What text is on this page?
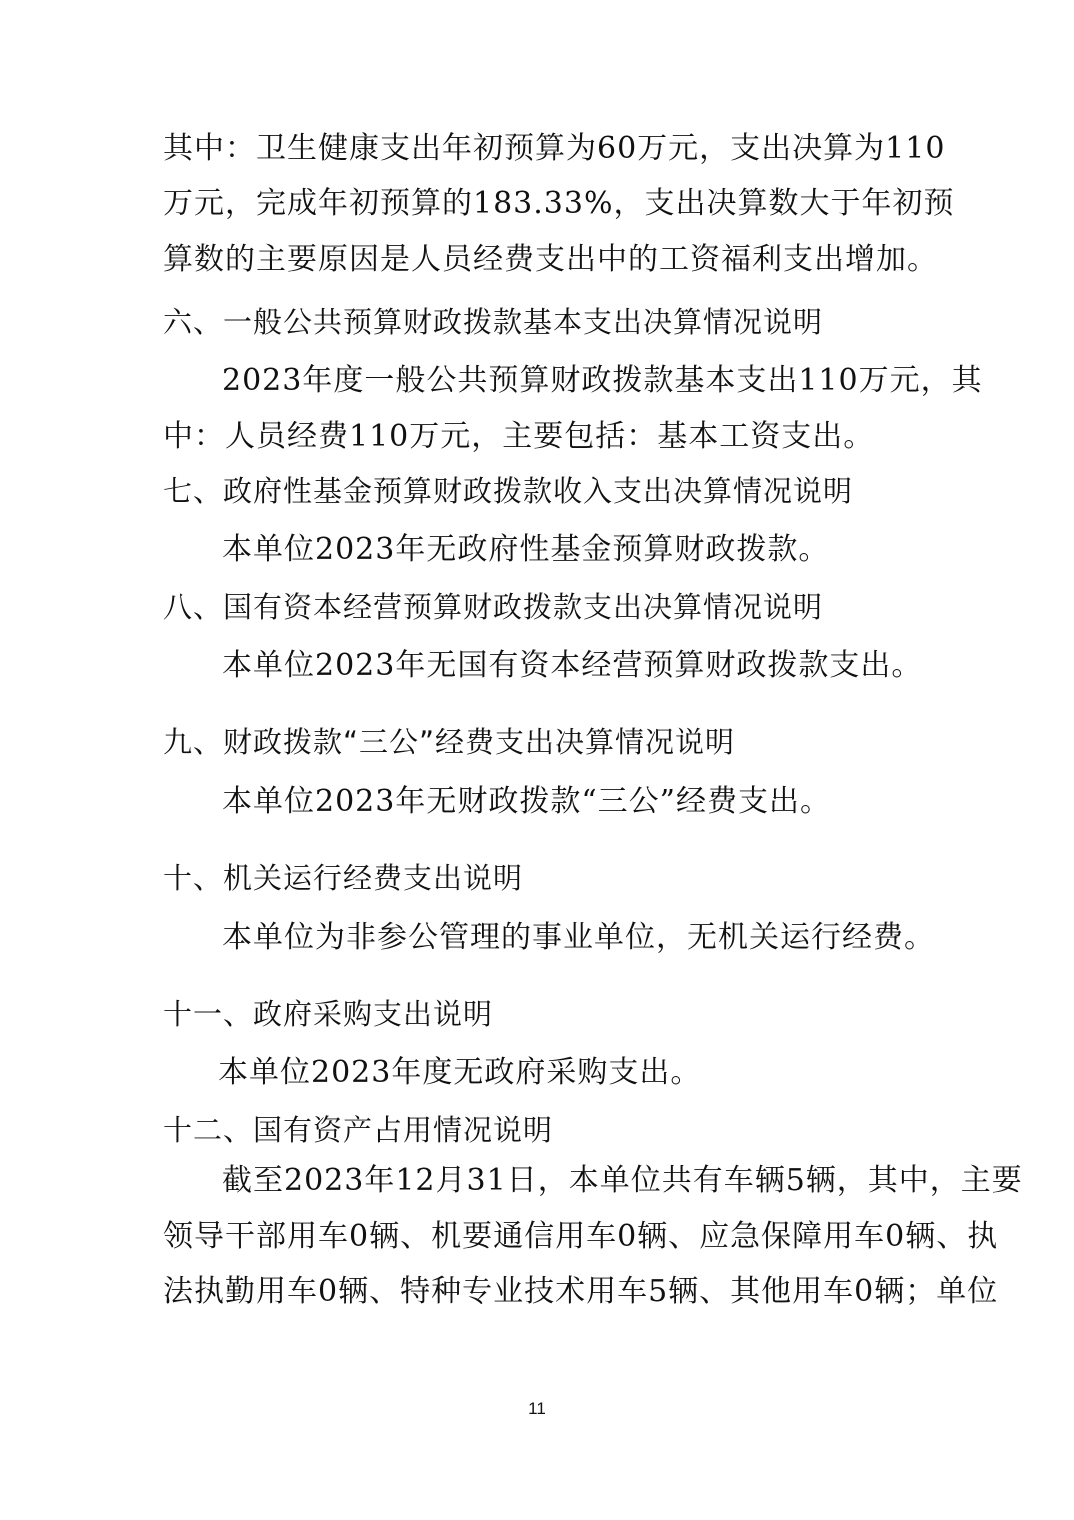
其中：卫生健康支出年初预算为60万元，支出决算为110
万元，完成年初预算的183.33%，支出决算数大于年初预
算数的主要原因是人员经费支出中的工资福利支出增加。
六、一般公共预算财政拨款基本支出决算情况说明
2023年度一般公共预算财政拨款基本支出110万元，其
中：人员经费110万元，主要包括：基本工资支出。
七、政府性基金预算财政拨款收入支出决算情况说明
本单位2023年无政府性基金预算财政拨款。
八、国有资本经营预算财政拨款支出决算情况说明
本单位2023年无国有资本经营预算财政拨款支出。
九、财政拨款“三公”经费支出决算情况说明
本单位2023年无财政拨款“三公”经费支出。
十、机关运行经费支出说明
本单位为非参公管理的事业单位，无机关运行经费。
十一、政府采购支出说明
本单位2023年度无政府采购支出。
十二、国有资产占用情况说明
截至2023年12月31日，本单位共有车辆5辆，其中，主要
领导干部用车0辆、机要通信用车0辆、应急保障用车0辆、执
法执勤用车0辆、特种专业技术用车5辆、其他用车0辆；单位
11
